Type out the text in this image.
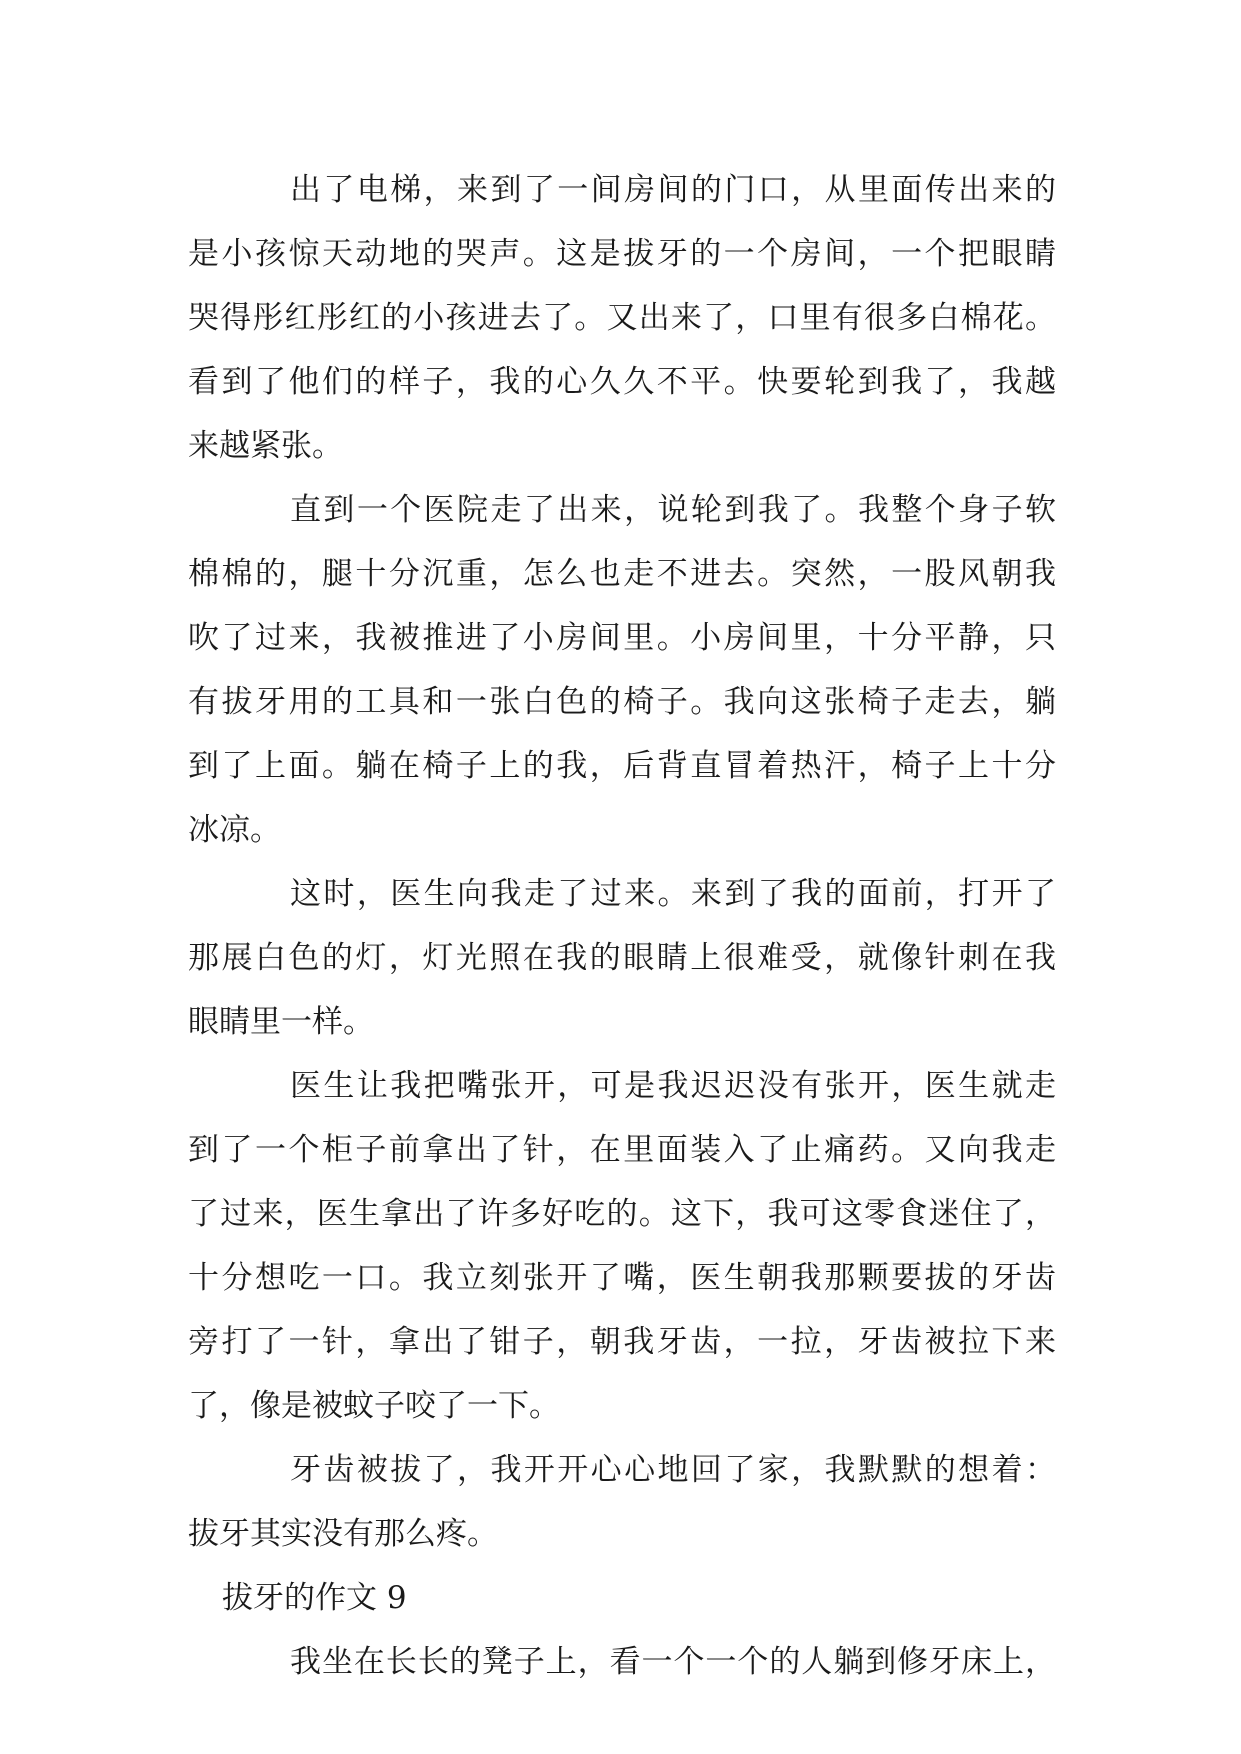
出了电梯，来到了一间房间的门口，从里面传出来的
是小孩惊天动地的哭声。这是拔牙的一个房间，一个把眼睛
哭得彤红彤红的小孩进去了。又出来了，口里有很多白棉花。
看到了他们的样子，我的心久久不平。快要轮到我了，我越
来越紧张。
直到一个医院走了出来，说轮到我了。我整个身子软
棉棉的，腿十分沉重，怎么也走不进去。突然，一股风朝我
吹了过来，我被推进了小房间里。小房间里，十分平静，只
有拔牙用的工具和一张白色的椅子。我向这张椅子走去，躺
到了上面。躺在椅子上的我，后背直冒着热汗，椅子上十分
冰凉。
这时，医生向我走了过来。来到了我的面前，打开了
那展白色的灯，灯光照在我的眼睛上很难受，就像针刺在我
眼睛里一样。
医生让我把嘴张开，可是我迟迟没有张开，医生就走
到了一个柜子前拿出了针，在里面装入了止痛药。又向我走
了过来，医生拿出了许多好吃的。这下，我可这零食迷住了，
十分想吃一口。我立刻张开了嘴，医生朝我那颗要拔的牙齿
旁打了一针，拿出了钳子，朝我牙齿，一拉，牙齿被拉下来
了，像是被蚊子咬了一下。
牙齿被拔了，我开开心心地回了家，我默默的想着：
拔牙其实没有那么疼。
拔牙的作文 9
我坐在长长的凳子上，看一个一个的人躺到修牙床上，
